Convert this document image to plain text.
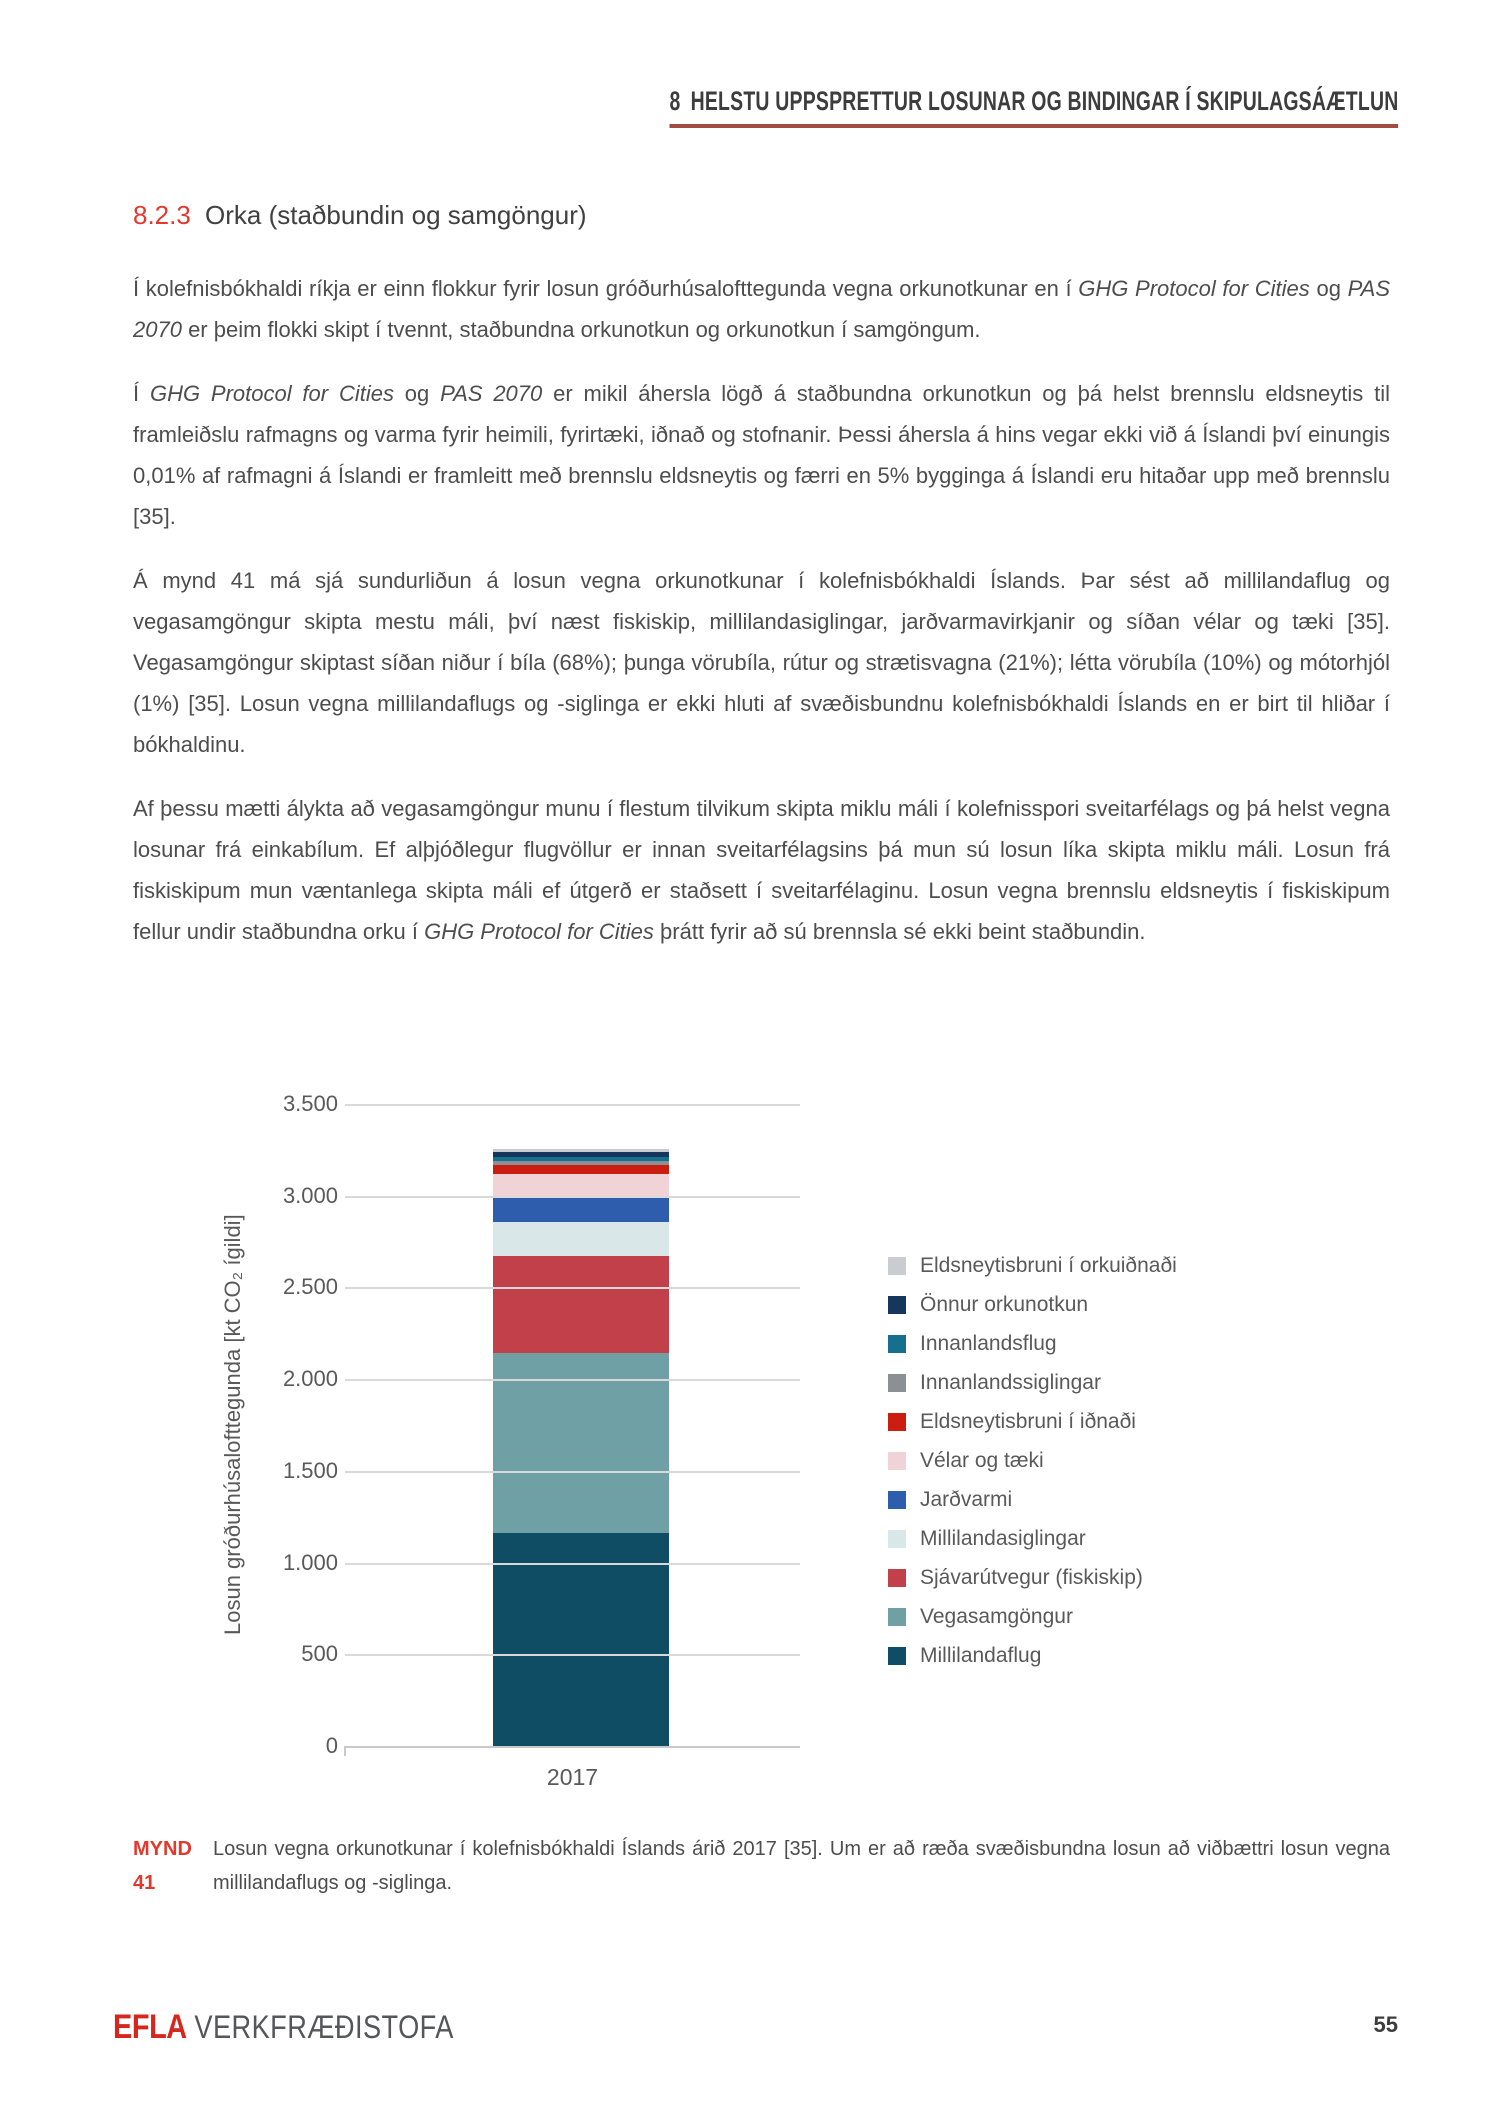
8 HELSTU UPPSPRETTUR LOSUNAR OG BINDINGAR Í SKIPULAGSÁÆTLUN
8.2.3 Orka (staðbundin og samgöngur)

Í kolefnisbókhaldi ríkja er einn flokkur fyrir losun gróðurhúsalofttegunda vegna orkunotkunar en í GHG Protocol for Cities og PAS 2070 er þeim flokki skipt í tvennt, staðbundna orkunotkun og orkunotkun í samgöngum.

Í GHG Protocol for Cities og PAS 2070 er mikil áhersla lögð á staðbundna orkunotkun og þá helst brennslu eldsneytis til framleiðslu rafmagns og varma fyrir heimili, fyrirtæki, iðnað og stofnanir. Þessi áhersla á hins vegar ekki við á Íslandi því einungis 0,01% af rafmagni á Íslandi er framleitt með brennslu eldsneytis og færri en 5% bygginga á Íslandi eru hitaðar upp með brennslu [35].

Á mynd 41 má sjá sundurliðun á losun vegna orkunotkunar í kolefnisbókhaldi Íslands. Þar sést að millilandaflug og vegasamgöngur skipta mestu máli, því næst fiskiskip, millilandasiglingar, jarðvarmavirkjanir og síðan vélar og tæki [35]. Vegasamgöngur skiptast síðan niður í bíla (68%); þunga vörubíla, rútur og strætisvagna (21%); létta vörubíla (10%) og mótorhjól (1%) [35]. Losun vegna millilandaflugs og -siglinga er ekki hluti af svæðisbundnu kolefnisbókhaldi Íslands en er birt til hliðar í bókhaldinu.

Af þessu mætti álykta að vegasamgöngur munu í flestum tilvikum skipta miklu máli í kolefnisspori sveitarfélags og þá helst vegna losunar frá einkabílum. Ef alþjóðlegur flugvöllur er innan sveitarfélagsins þá mun sú losun líka skipta miklu máli. Losun frá fiskiskipum mun væntanlega skipta máli ef útgerð er staðsett í sveitarfélaginu. Losun vegna brennslu eldsneytis í fiskiskipum fellur undir staðbundna orku í GHG Protocol for Cities þrátt fyrir að sú brennsla sé ekki beint staðbundin.

Losun gróðurhúsalofttegunda [kt CO₂ ígildi]
3.500
3.000
2.500
2.000
1.500
1.000
500
0
2017
Eldsneytisbruni í orkuiðnaði
Önnur orkunotkun
Innanlandsflug
Innanlandssiglingar
Eldsneytisbruni í iðnaði
Vélar og tæki
Jarðvarmi
Millilandasiglingar
Sjávarútvegur (fiskiskip)
Vegasamgöngur
Millilandaflug
MYND 41
Losun vegna orkunotkunar í kolefnisbókhaldi Íslands árið 2017 [35]. Um er að ræða svæðisbundna losun að viðbættri losun vegna millilandaflugs og -siglinga.
EFLA VERKFRÆÐISTOFA	55
